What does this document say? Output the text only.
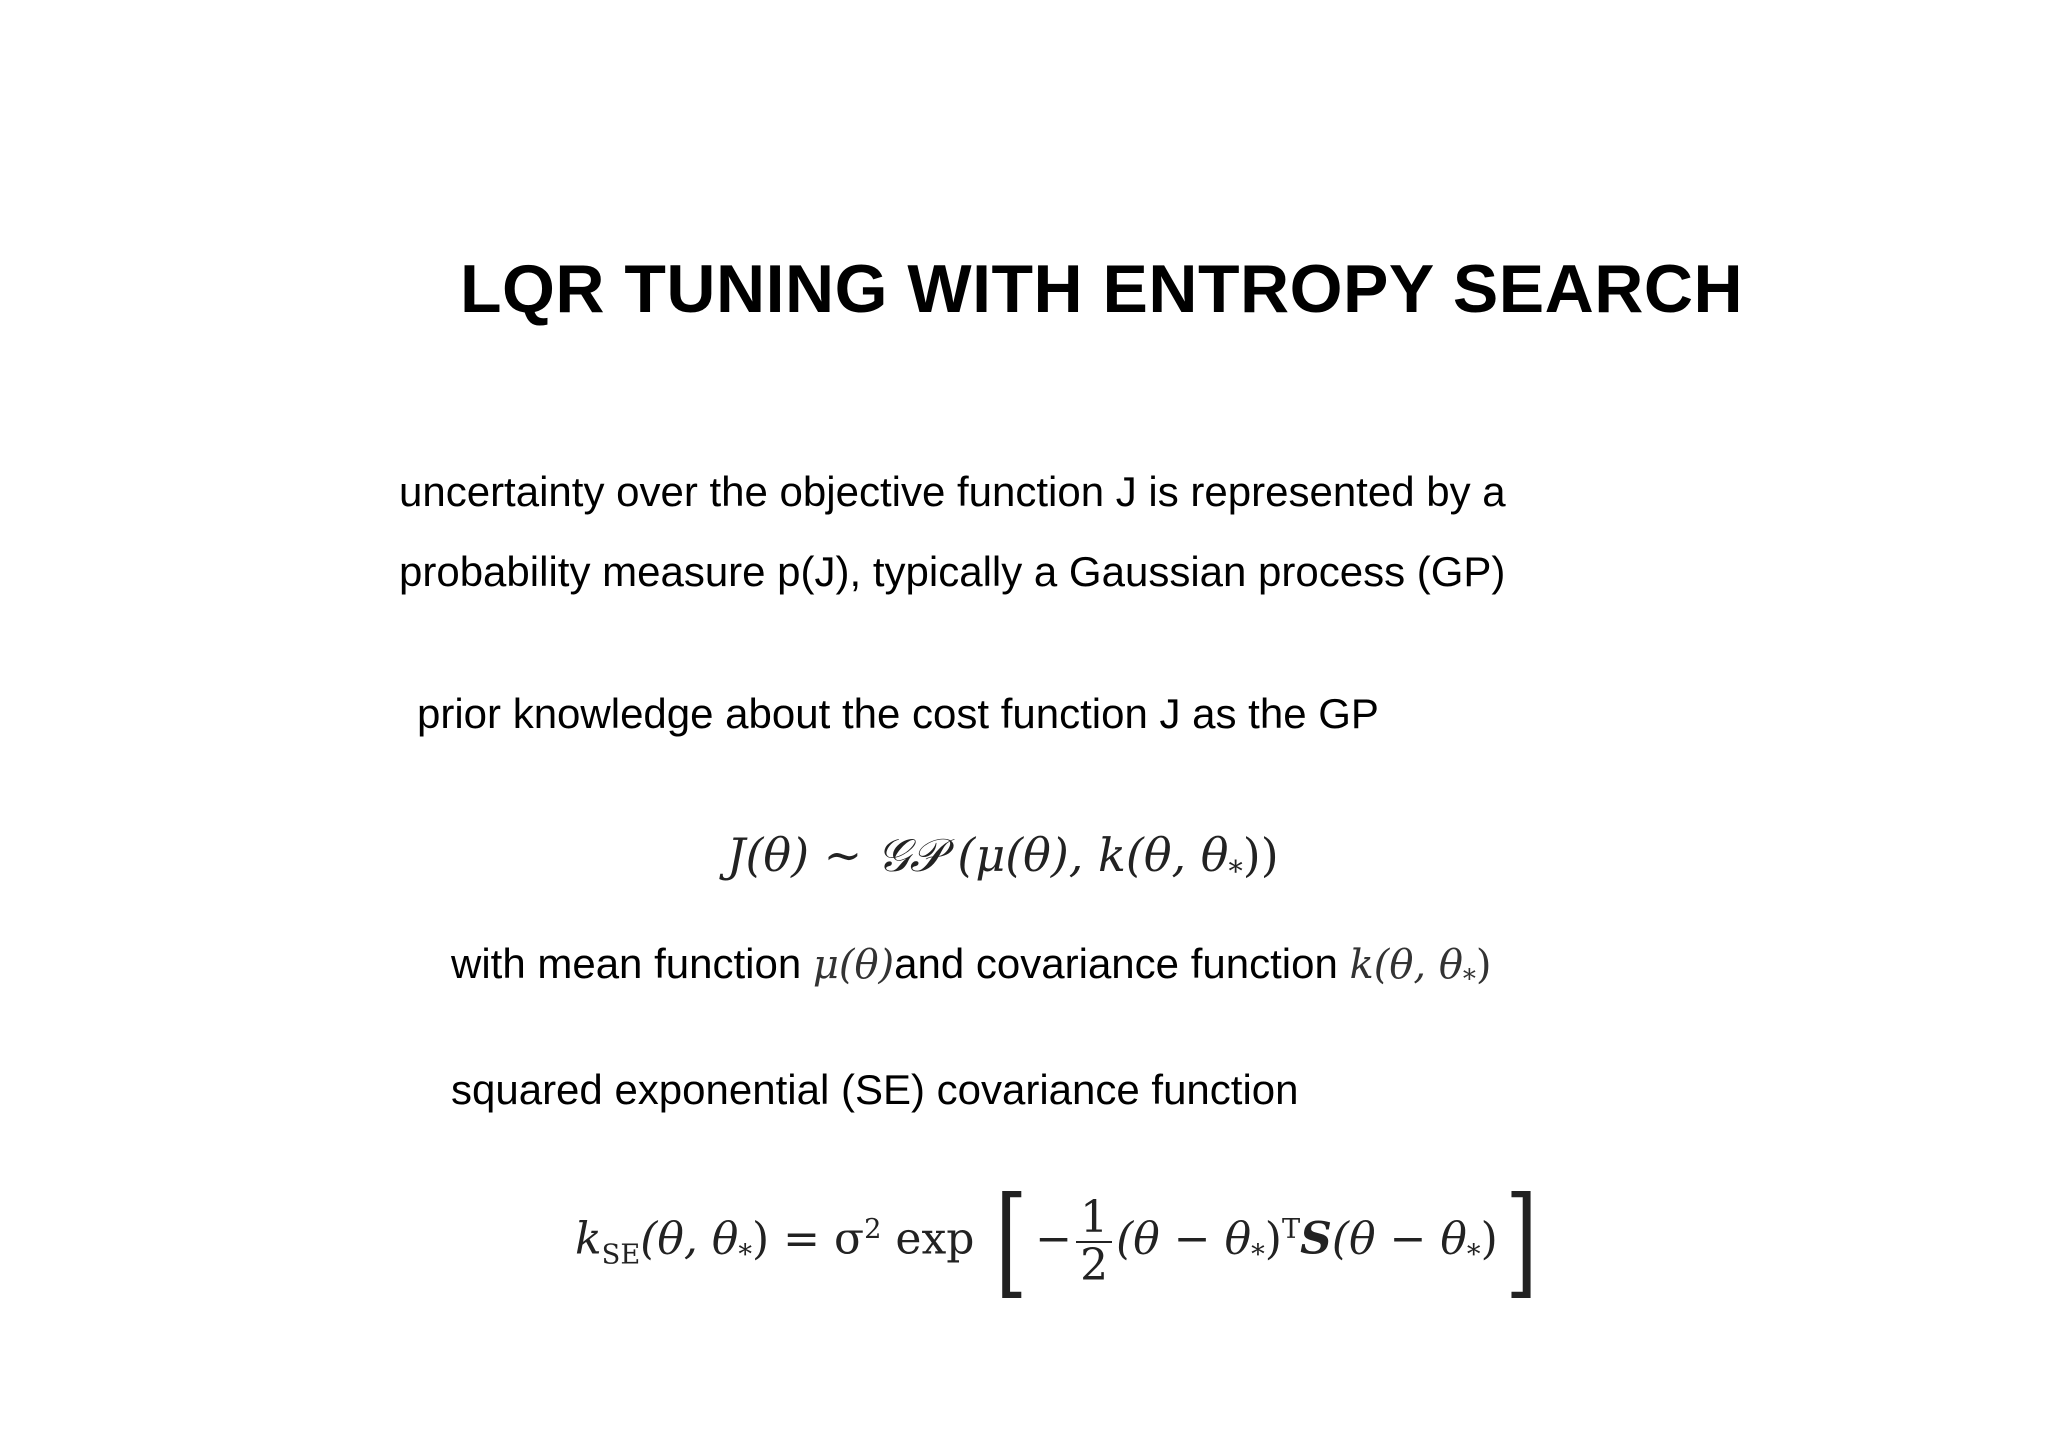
LQR TUNING WITH ENTROPY SEARCH
uncertainty over the objective function J is represented by a
probability measure p(J), typically a Gaussian process (GP)
prior knowledge about the cost function J as the GP
J(θ) ∼ 𝒢𝒫 (μ(θ), k(θ, $\theta_*$))
with mean function μ(θ)and covariance function k(θ, $\theta_*$)
squared exponential (SE) covariance function
$k_{SE}(\theta$, $\theta_*) = \sigma^2$ exp [ − $\frac{1}{2} (\theta - \theta_*)^TS(\theta - \theta_*)$]
